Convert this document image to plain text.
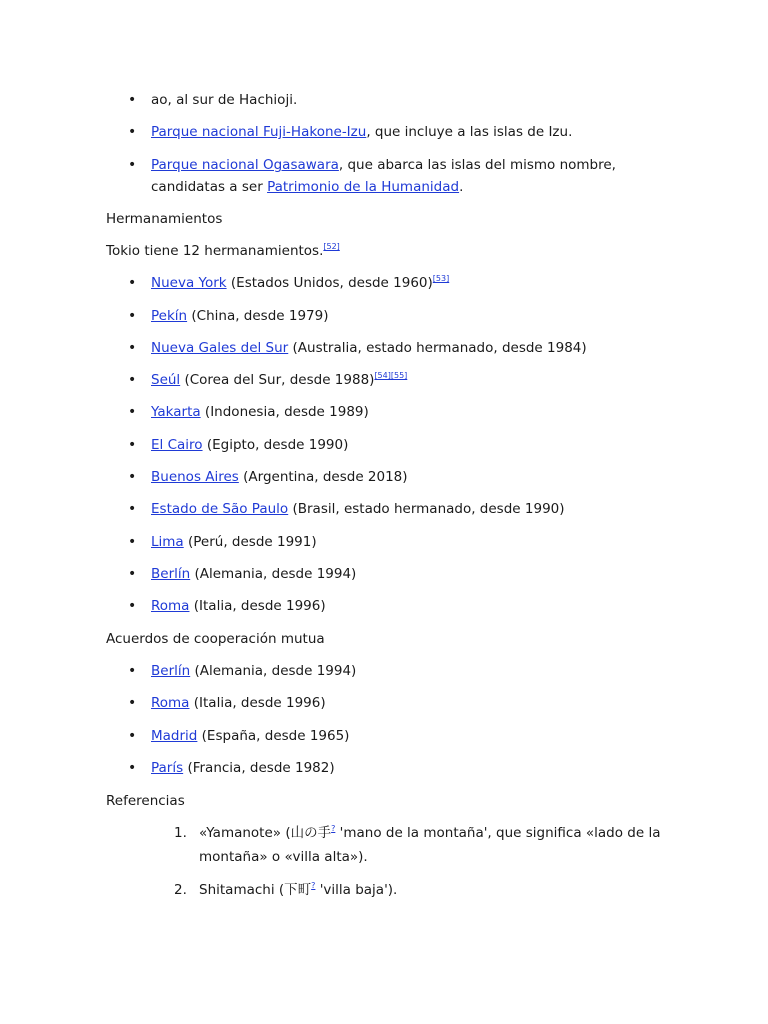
• ao, al sur de Hachioji.
• Parque nacional Fuji-Hakone-Izu, que incluye a las islas de Izu.
• Parque nacional Ogasawara, que abarca las islas del mismo nombre,
candidatas a ser Patrimonio de la Humanidad.
Hermanamientos
Tokio tiene 12 hermanamientos.[52]
• Nueva York (Estados Unidos, desde 1960)[53]
• Pekín (China, desde 1979)
• Nueva Gales del Sur (Australia, estado hermanado, desde 1984)
• Seúl (Corea del Sur, desde 1988)[54][55]
• Yakarta (Indonesia, desde 1989)
• El Cairo (Egipto, desde 1990)
• Buenos Aires (Argentina, desde 2018)
• Estado de São Paulo (Brasil, estado hermanado, desde 1990)
• Lima (Perú, desde 1991)
• Berlín (Alemania, desde 1994)
• Roma (Italia, desde 1996)
Acuerdos de cooperación mutua
• Berlín (Alemania, desde 1994)
• Roma (Italia, desde 1996)
• Madrid (España, desde 1965)
• París (Francia, desde 1982)
Referencias
1. «Yamanote» (山の手? 'mano de la montaña', que significa «lado de la
montaña» o «villa alta»).
2. Shitamachi (下町? 'villa baja').
